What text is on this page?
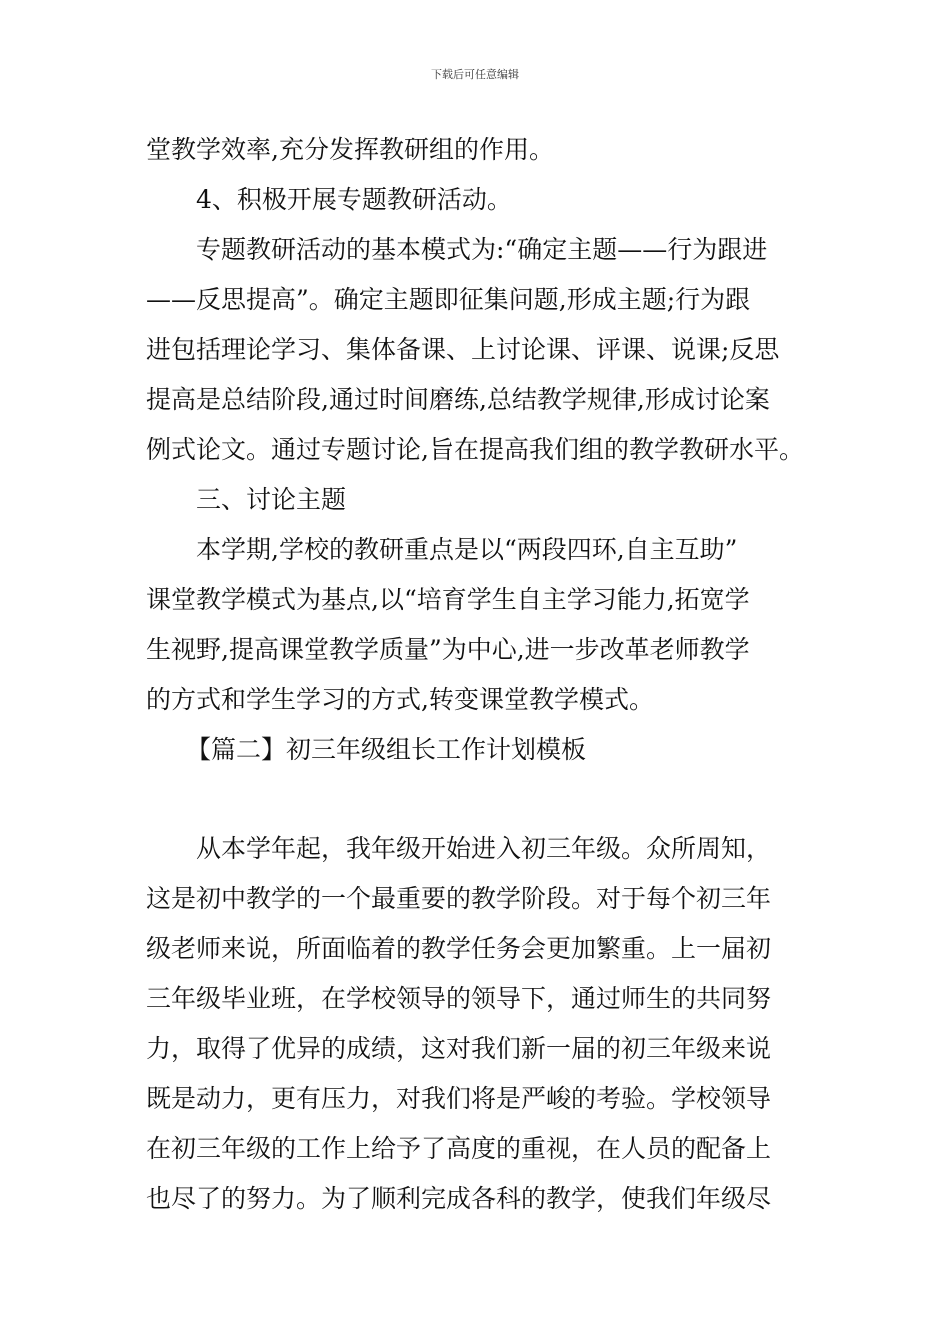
下载后可任意编辑
堂教学效率,充分发挥教研组的作用。
4、积极开展专题教研活动。
专题教研活动的基本模式为:“确定主题——行为跟进
——反思提高”。确定主题即征集问题,形成主题;行为跟
进包括理论学习、集体备课、上讨论课、评课、说课;反思
提高是总结阶段,通过时间磨练,总结教学规律,形成讨论案
例式论文。通过专题讨论,旨在提高我们组的教学教研水平。
三、讨论主题
本学期,学校的教研重点是以“两段四环,自主互助”
课堂教学模式为基点,以“培育学生自主学习能力,拓宽学
生视野,提高课堂教学质量”为中心,进一步改革老师教学
的方式和学生学习的方式,转变课堂教学模式。
【篇二】初三年级组长工作计划模板
从本学年起，我年级开始进入初三年级。众所周知，
这是初中教学的一个最重要的教学阶段。对于每个初三年
级老师来说，所面临着的教学任务会更加繁重。上一届初
三年级毕业班，在学校领导的领导下，通过师生的共同努
力，取得了优异的成绩，这对我们新一届的初三年级来说
既是动力，更有压力，对我们将是严峻的考验。学校领导
在初三年级的工作上给予了高度的重视，在人员的配备上
也尽了的努力。为了顺利完成各科的教学，使我们年级尽
